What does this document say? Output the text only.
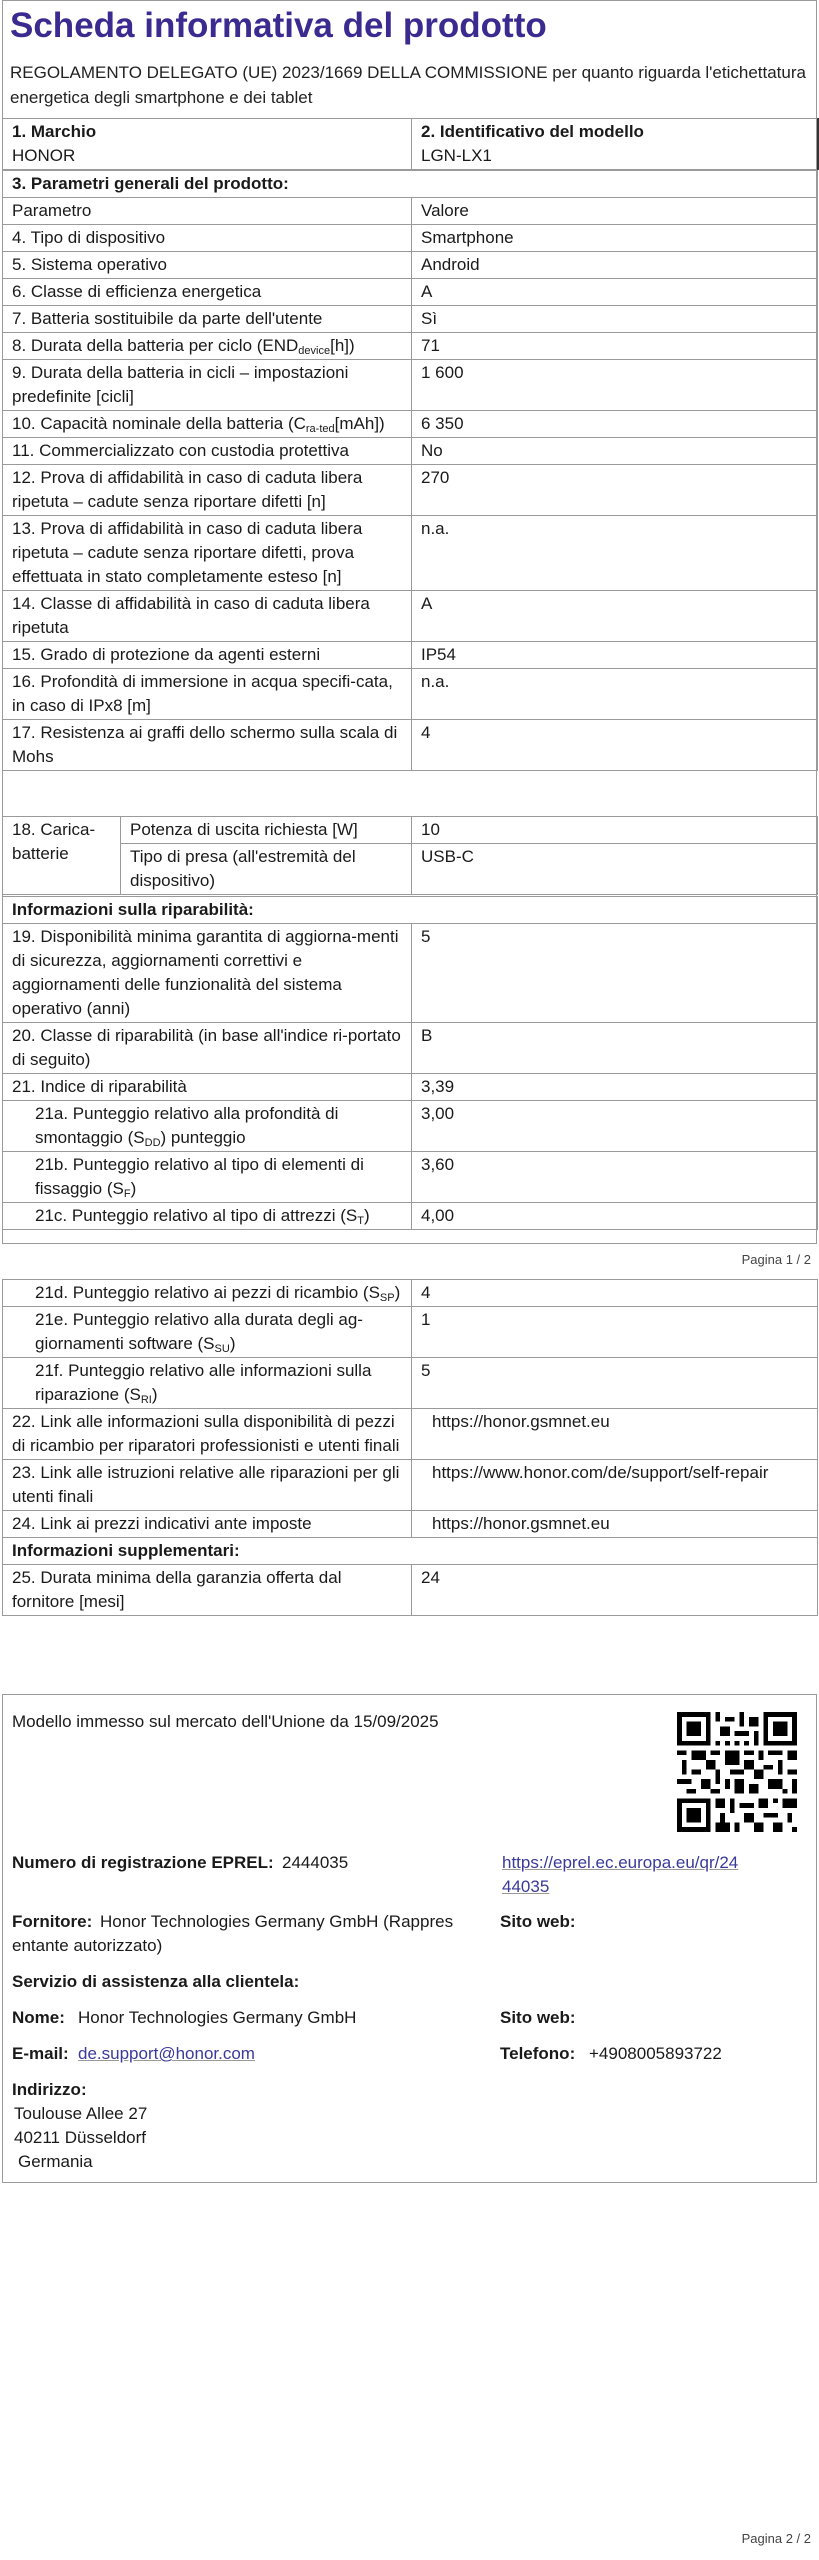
Scheda informativa del prodotto
REGOLAMENTO DELEGATO (UE) 2023/1669 DELLA COMMISSIONE per quanto riguarda l'etichettatura energetica degli smartphone e dei tablet
1. Marchio
HONOR

2. Identificativo del modello
LGN-LX1
3. Parametri generali del prodotto:	
Parametro	Valore
4. Tipo di dispositivo	Smartphone
5. Sistema operativo	Android
6. Classe di efficienza energetica	A
7. Batteria sostituibile da parte dell'utente	Sì
8. Durata della batteria per ciclo $(END_{device}[h])$	71
9. Durata della batteria in cicli – impostazioni predefinite [cicli]	1 600
10. Capacità nominale della batteria $(C_{ra-ted}[mAh])$	6 350
11. Commercializzato con custodia protettiva	No
12. Prova di affidabilità in caso di caduta libera ripetuta – cadute senza riportare difetti [n]	270
13. Prova di affidabilità in caso di caduta libera ripetuta – cadute senza riportare difetti, prova effettuata in stato completamente esteso [n]	n.a.
14. Classe di affidabilità in caso di caduta libera ripetuta	A
15. Grado di protezione da agenti esterni	IP54
16. Profondità di immersione in acqua specifi-cata, in caso di IPx8 [m]	n.a.
17. Resistenza ai graffi dello schermo sulla scala di Mohs	4
18. Carica-batterie	Potenza di uscita richiesta [W]	10
	Tipo di presa (all'estremità del dispositivo)	USB-C
Informazioni sulla riparabilità:	
19. Disponibilità minima garantita di aggiorna-menti di sicurezza, aggiornamenti correttivi e aggiornamenti delle funzionalità del sistema operativo (anni)	5
20. Classe di riparabilità (in base all'indice ri-portato di seguito)	B
21. Indice di riparabilità	3,39
21a. Punteggio relativo alla profondità di smontaggio $(S_{DD})$ punteggio	3,00
21b. Punteggio relativo al tipo di elementi di fissaggio $(S_F)$	3,60
21c. Punteggio relativo al tipo di attrezzi $(S_T)$	4,00
Pagina 1 / 2
21d. Punteggio relativo ai pezzi di ricambio $(S_{SP})$	4
21e. Punteggio relativo alla durata degli ag-giornamenti software $(S_{SU})$	1
21f. Punteggio relativo alle informazioni sulla riparazione $(S_{RI})$	5
22. Link alle informazioni sulla disponibilità di pezzi di ricambio per riparatori professionisti e utenti finali	https://honor.gsmnet.eu
23. Link alle istruzioni relative alle riparazioni per gli utenti finali	https://www.honor.com/de/support/self-repair
24. Link ai prezzi indicativi ante imposte	https://honor.gsmnet.eu
Informazioni supplementari:	
25. Durata minima della garanzia offerta dal fornitore [mesi]	24
Modello immesso sul mercato dell'Unione da 15/09/2025
Numero di registrazione EPREL: 2444035	https://eprel.ec.europa.eu/qr/24
44035
Fornitore: Honor Technologies Germany GmbH (Rappres
entante autorizzato)
Sito web:
Servizio di assistenza alla clientela:
Nome: Honor Technologies Germany GmbH	Sito web:
E-mail: de.support@honor.com	Telefono: +4908005893722
Indirizzo:
Toulouse Allee 27
40211 Düsseldorf
Germania
Pagina 2 / 2
